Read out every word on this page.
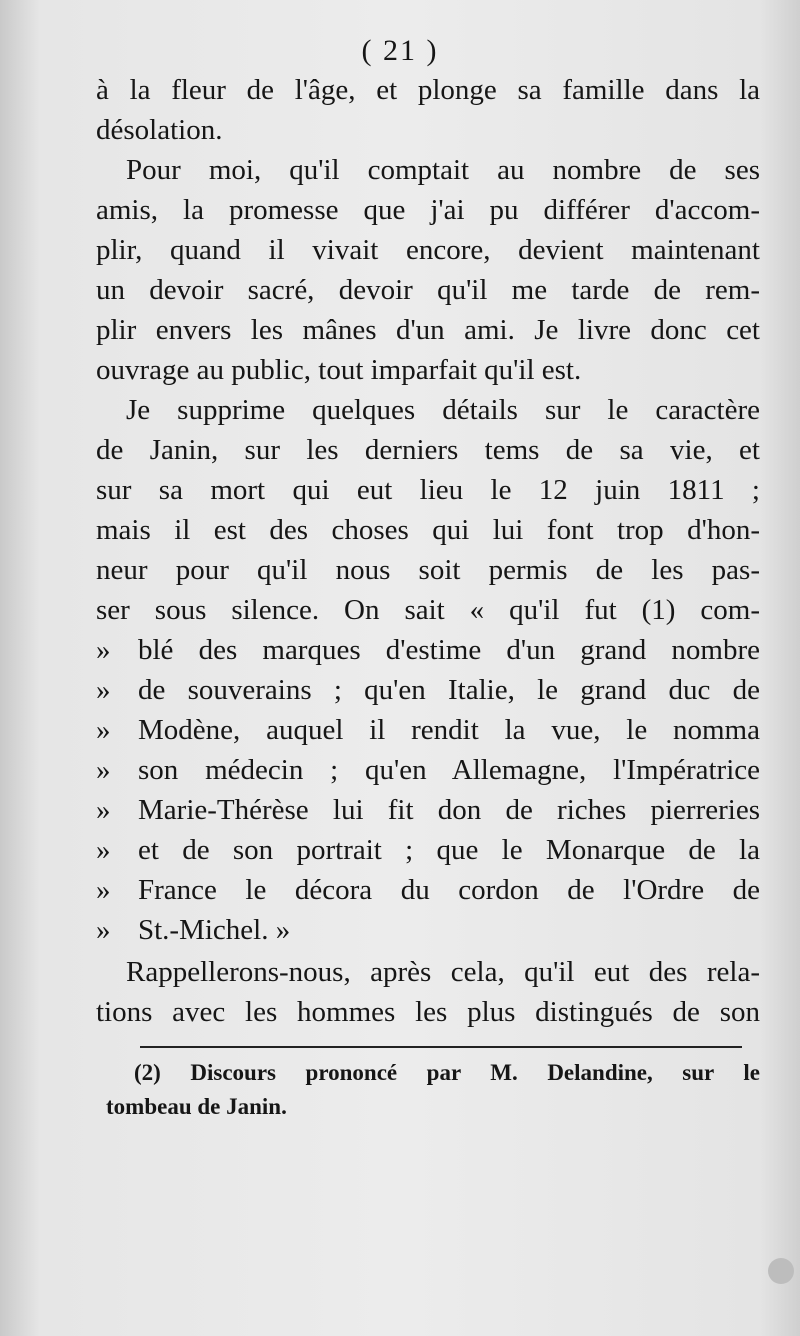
( 21 )
à la fleur de l'âge, et plonge sa famille dans la
désolation.
Pour moi, qu'il comptait au nombre de ses
amis, la promesse que j'ai pu différer d'accom-
plir, quand il vivait encore, devient maintenant
un devoir sacré, devoir qu'il me tarde de rem-
plir envers les mânes d'un ami. Je livre donc cet
ouvrage au public, tout imparfait qu'il est.
Je supprime quelques détails sur le caractère
de Janin, sur les derniers tems de sa vie, et
sur sa mort qui eut lieu le 12 juin 1811 ;
mais il est des choses qui lui font trop d'hon-
neur pour qu'il nous soit permis de les pas-
ser sous silence. On sait « qu'il fut (1) com-
» blé des marques d'estime d'un grand nombre
» de souverains ; qu'en Italie, le grand duc de
» Modène, auquel il rendit la vue, le nomma
» son médecin ; qu'en Allemagne, l'Impératrice
» Marie-Thérèse lui fit don de riches pierreries
» et de son portrait ; que le Monarque de la
» France le décora du cordon de l'Ordre de
» St.-Michel. »
Rappellerons-nous, après cela, qu'il eut des rela-
tions avec les hommes les plus distingués de son
(2) Discours prononcé par M. Delandine, sur le
tombeau de Janin.
